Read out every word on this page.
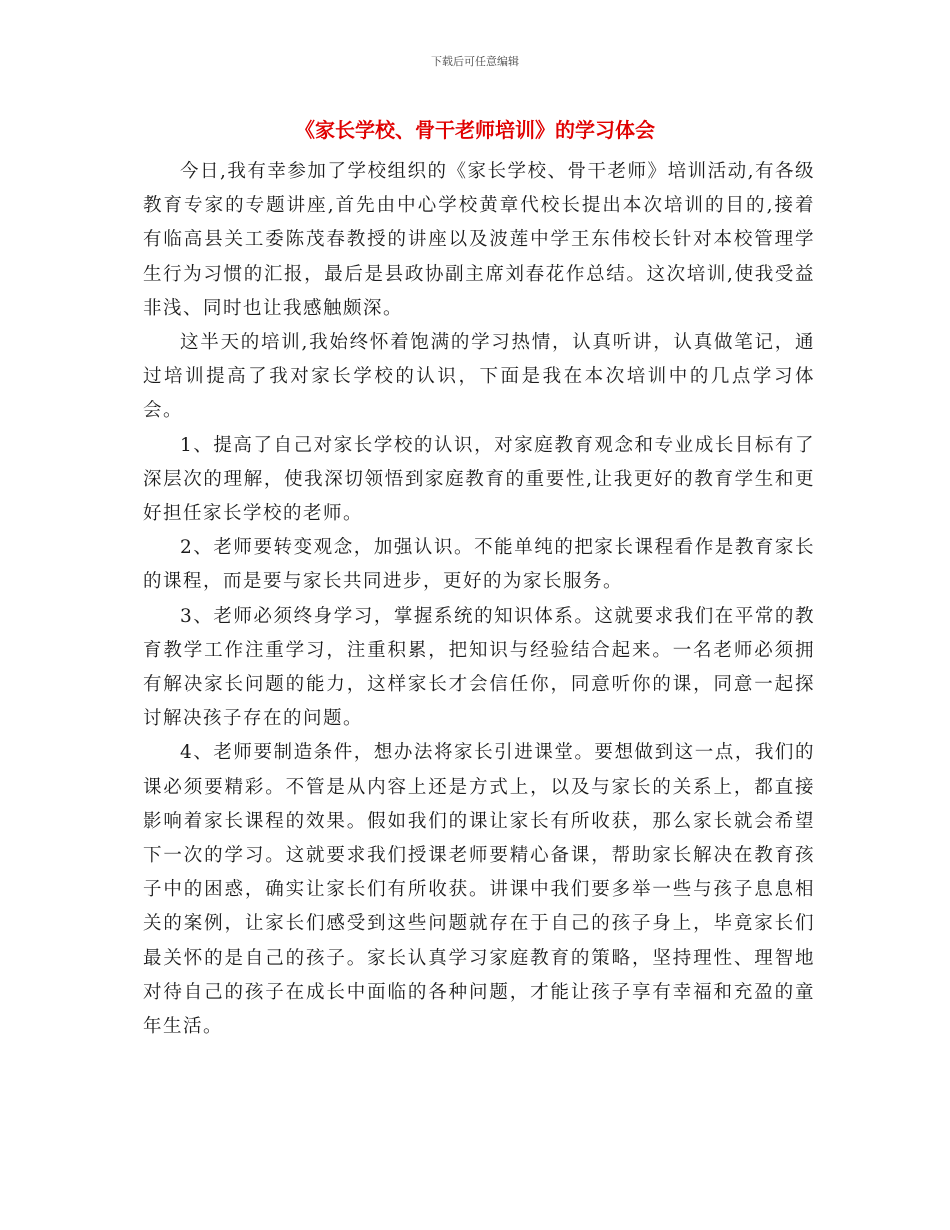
下载后可任意编辑
《家长学校、骨干老师培训》的学习体会

今日,我有幸参加了学校组织的《家长学校、骨干老师》培训活动,有各级教育专家的专题讲座,首先由中心学校黄章代校长提出本次培训的目的,接着有临高县关工委陈茂春教授的讲座以及波莲中学王东伟校长针对本校管理学生行为习惯的汇报，最后是县政协副主席刘春花作总结。这次培训,使我受益非浅、同时也让我感触颇深。

这半天的培训,我始终怀着饱满的学习热情，认真听讲，认真做笔记，通过培训提高了我对家长学校的认识，下面是我在本次培训中的几点学习体会。

1、提高了自己对家长学校的认识，对家庭教育观念和专业成长目标有了深层次的理解，使我深切领悟到家庭教育的重要性,让我更好的教育学生和更好担任家长学校的老师。

2、老师要转变观念，加强认识。不能单纯的把家长课程看作是教育家长的课程，而是要与家长共同进步，更好的为家长服务。

3、老师必须终身学习，掌握系统的知识体系。这就要求我们在平常的教育教学工作注重学习，注重积累，把知识与经验结合起来。一名老师必须拥有解决家长问题的能力，这样家长才会信任你，同意听你的课，同意一起探讨解决孩子存在的问题。

4、老师要制造条件，想办法将家长引进课堂。要想做到这一点，我们的课必须要精彩。不管是从内容上还是方式上，以及与家长的关系上，都直接影响着家长课程的效果。假如我们的课让家长有所收获，那么家长就会希望下一次的学习。这就要求我们授课老师要精心备课，帮助家长解决在教育孩子中的困惑，确实让家长们有所收获。讲课中我们要多举一些与孩子息息相关的案例，让家长们感受到这些问题就存在于自己的孩子身上，毕竟家长们最关怀的是自己的孩子。家长认真学习家庭教育的策略，坚持理性、理智地对待自己的孩子在成长中面临的各种问题，才能让孩子享有幸福和充盈的童年生活。
